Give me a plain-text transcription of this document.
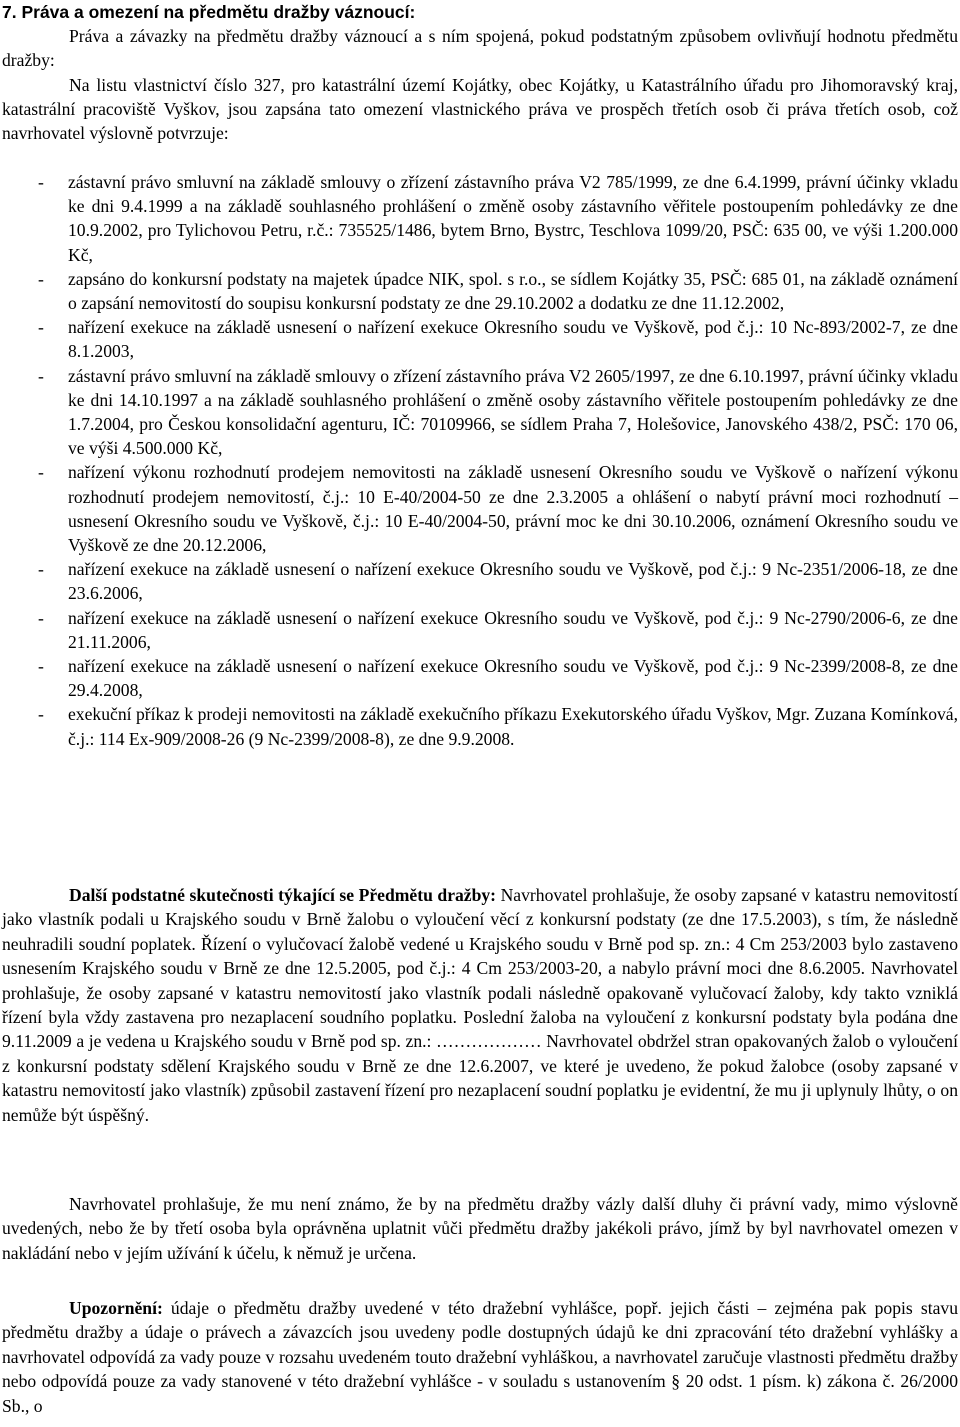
7. Práva a omezení na předmětu dražby váznoucí:
Práva a závazky na předmětu dražby váznoucí a s ním spojená, pokud podstatným způsobem ovlivňují hodnotu předmětu dražby:
Na listu vlastnictví číslo 327, pro katastrální území Kojátky, obec Kojátky, u Katastrálního úřadu pro Jihomoravský kraj, katastrální pracoviště Vyškov, jsou zapsána tato omezení vlastnického práva ve prospěch třetích osob či práva třetích osob, což navrhovatel výslovně potvrzuje:
- zástavní právo smluvní na základě smlouvy o zřízení zástavního práva V2 785/1999, ze dne 6.4.1999, právní účinky vkladu ke dni 9.4.1999 a na základě souhlasného prohlášení o změně osoby zástavního věřitele postoupením pohledávky ze dne 10.9.2002, pro Tylichovou Petru, r.č.: 735525/1486, bytem Brno, Bystrc, Teschlova 1099/20, PSČ: 635 00, ve výši 1.200.000 Kč,
- zapsáno do konkursní podstaty na majetek úpadce NIK, spol. s r.o., se sídlem Kojátky 35, PSČ: 685 01, na základě oznámení o zapsání nemovitostí do soupisu konkursní podstaty ze dne 29.10.2002 a dodatku ze dne 11.12.2002,
- nařízení exekuce na základě usnesení o nařízení exekuce Okresního soudu ve Vyškově, pod č.j.: 10 Nc-893/2002-7, ze dne 8.1.2003,
- zástavní právo smluvní na základě smlouvy o zřízení zástavního práva V2 2605/1997, ze dne 6.10.1997, právní účinky vkladu ke dni 14.10.1997 a na základě souhlasného prohlášení o změně osoby zástavního věřitele postoupením pohledávky ze dne 1.7.2004, pro Českou konsolidační agenturu, IČ: 70109966, se sídlem Praha 7, Holešovice, Janovského 438/2, PSČ: 170 06, ve výši 4.500.000 Kč,
- nařízení výkonu rozhodnutí prodejem nemovitosti na základě usnesení Okresního soudu ve Vyškově o nařízení výkonu rozhodnutí prodejem nemovitostí, č.j.: 10 E-40/2004-50 ze dne 2.3.2005 a ohlášení o nabytí právní moci rozhodnutí – usnesení Okresního soudu ve Vyškově, č.j.: 10 E-40/2004-50, právní moc ke dni 30.10.2006, oznámení Okresního soudu ve Vyškově ze dne 20.12.2006,
- nařízení exekuce na základě usnesení o nařízení exekuce Okresního soudu ve Vyškově, pod č.j.: 9 Nc-2351/2006-18, ze dne 23.6.2006,
- nařízení exekuce na základě usnesení o nařízení exekuce Okresního soudu ve Vyškově, pod č.j.: 9 Nc-2790/2006-6, ze dne 21.11.2006,
- nařízení exekuce na základě usnesení o nařízení exekuce Okresního soudu ve Vyškově, pod č.j.: 9 Nc-2399/2008-8, ze dne 29.4.2008,
- exekuční příkaz k prodeji nemovitosti na základě exekučního příkazu Exekutorského úřadu Vyškov, Mgr. Zuzana Komínková, č.j.: 114 Ex-909/2008-26 (9 Nc-2399/2008-8), ze dne 9.9.2008.
Další podstatné skutečnosti týkající se Předmětu dražby: Navrhovatel prohlašuje, že osoby zapsané v katastru nemovitostí jako vlastník podali u Krajského soudu v Brně žalobu o vyloučení věcí z konkursní podstaty (ze dne 17.5.2003), s tím, že následně neuhradili soudní poplatek. Řízení o vylučovací žalobě vedené u Krajského soudu v Brně pod sp. zn.: 4 Cm 253/2003 bylo zastaveno usnesením Krajského soudu v Brně ze dne 12.5.2005, pod č.j.: 4 Cm 253/2003-20, a nabylo právní moci dne 8.6.2005. Navrhovatel prohlašuje, že osoby zapsané v katastru nemovitostí jako vlastník podali následně opakovaně vylučovací žaloby, kdy takto vzniklá řízení byla vždy zastavena pro nezaplacení soudního poplatku. Poslední žaloba na vyloučení z konkursní podstaty byla podána dne 9.11.2009 a je vedena u Krajského soudu v Brně pod sp. zn.: ……………… Navrhovatel obdržel stran opakovaných žalob o vyloučení z konkursní podstaty sdělení Krajského soudu v Brně ze dne 12.6.2007, ve které je uvedeno, že pokud žalobce (osoby zapsané v katastru nemovitostí jako vlastník) způsobil zastavení řízení pro nezaplacení soudní poplatku je evidentní, že mu ji uplynuly lhůty, o on nemůže být úspěšný.
Navrhovatel prohlašuje, že mu není známo, že by na předmětu dražby vázly další dluhy či právní vady, mimo výslovně uvedených, nebo že by třetí osoba byla oprávněna uplatnit vůči předmětu dražby jakékoli právo, jímž by byl navrhovatel omezen v nakládání nebo v jejím užívání k účelu, k němuž je určena.
Upozornění: údaje o předmětu dražby uvedené v této dražební vyhlášce, popř. jejich části – zejména pak popis stavu předmětu dražby a údaje o právech a závazcích jsou uvedeny podle dostupných údajů ke dni zpracování této dražební vyhlášky a navrhovatel odpovídá za vady pouze v rozsahu uvedeném touto dražební vyhláškou, a navrhovatel zaručuje vlastnosti předmětu dražby nebo odpovídá pouze za vady stanovené v této dražební vyhlášce - v souladu s ustanovením § 20 odst. 1 písm. k) zákona č. 26/2000 Sb., o
